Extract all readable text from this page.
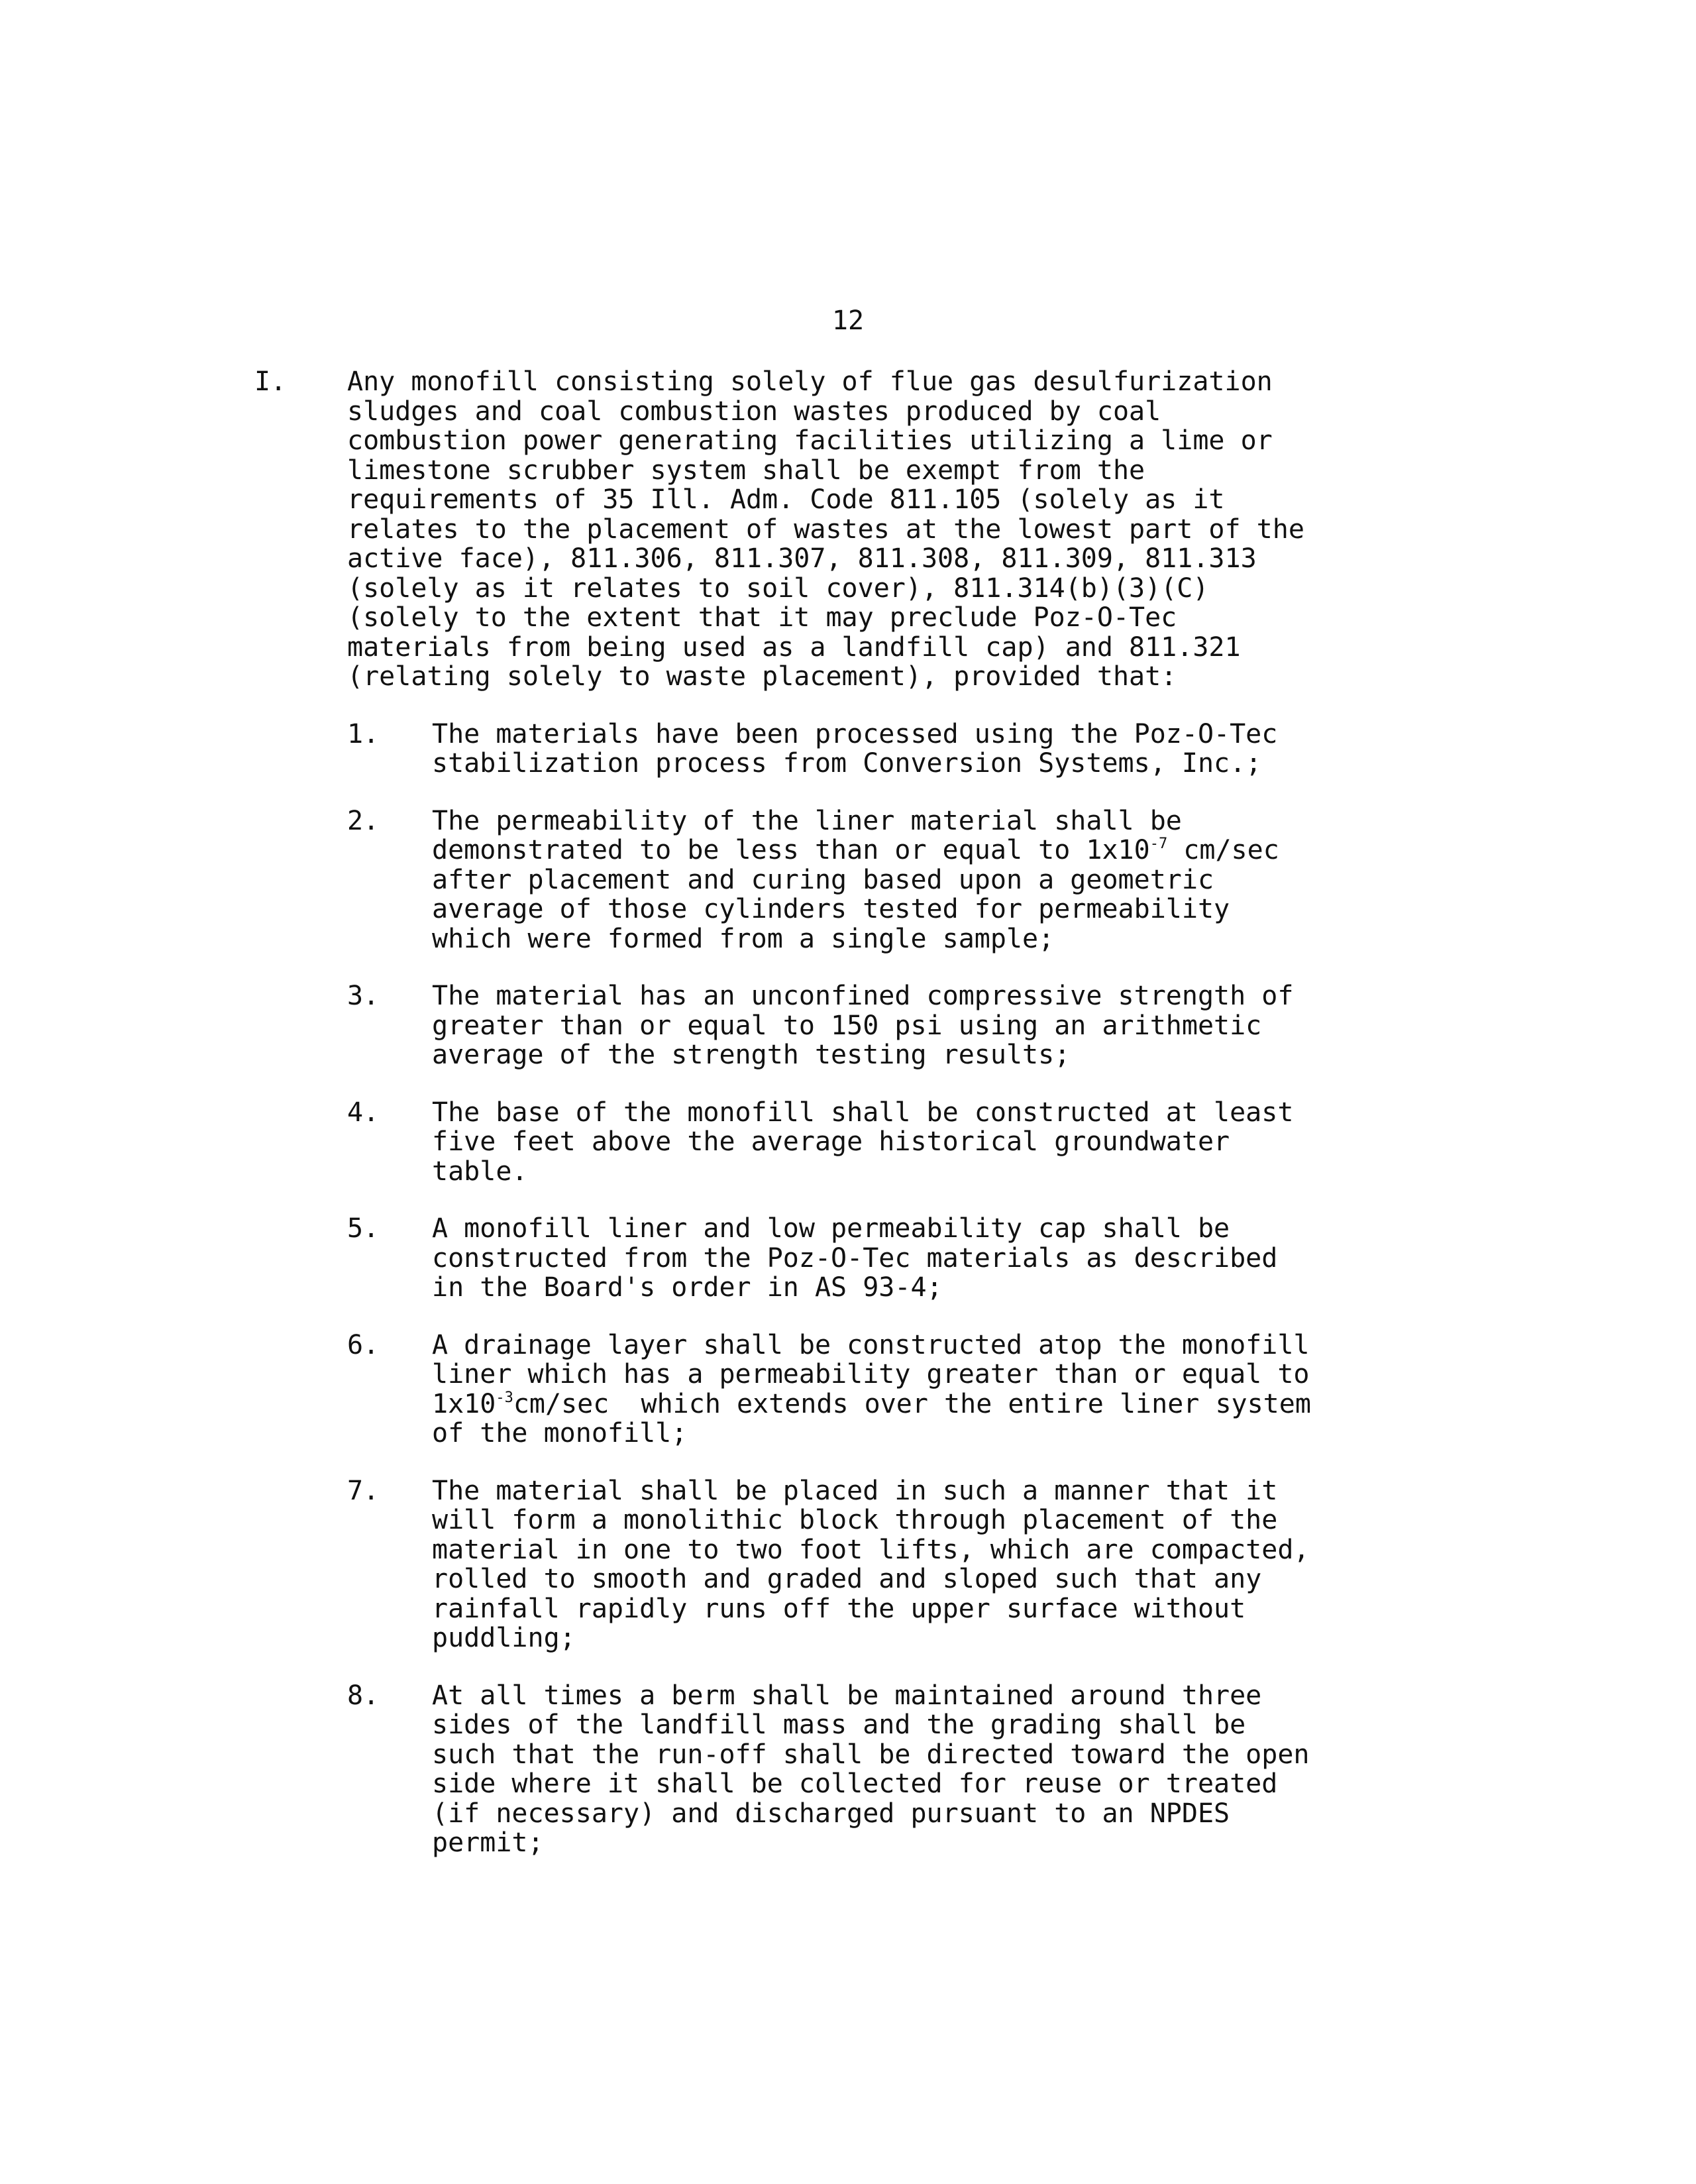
12
I. Any monofill consisting solely of flue gas desulfurization

sludges and coal combustion wastes produced by coal

combustion power generating facilities utilizing a lime or

limestone scrubber system shall be exempt from the

requirements of 35 Ill. Adm. Code 811.105 (solely as it

relates to the placement of wastes at the lowest part of the

active face), 811.306, 811.307, 811.308, 811.309, 811.313

(solely as it relates to soil cover), 811.314(b)(3)(C)

(solely to the extent that it may preclude Poz-O-Tec

materials from being used as a landfill cap) and 811.321

(relating solely to waste placement), provided that:

1. The materials have been processed using the Poz-O-Tec

stabilization process from Conversion Systems, Inc.;

2. The permeability of the liner material shall be

demonstrated to be less than or equal to $1x10^{-7}$ cm/sec

after placement and curing based upon a geometric

average of those cylinders tested for permeability

which were formed from a single sample;

3. The material has an unconfined compressive strength of

greater than or equal to 150 psi using an arithmetic

average of the strength testing results;

4. The base of the monofill shall be constructed at least

five feet above the average historical groundwater

table.

5. A monofill liner and low permeability cap shall be

constructed from the Poz-O-Tec materials as described

in the Board's order in AS 93-4;

6. A drainage layer shall be constructed atop the monofill

liner which has a permeability greater than or equal to

$1x10^{-3}cm/\sec$  which extends over the entire liner system

of the monofill;

7. The material shall be placed in such a manner that it

will form a monolithic block through placement of the

material in one to two foot lifts, which are compacted,

rolled to smooth and graded and sloped such that any

rainfall rapidly runs off the upper surface without

puddling;

8. At all times a berm shall be maintained around three

sides of the landfill mass and the grading shall be

such that the run-off shall be directed toward the open

side where it shall be collected for reuse or treated

(if necessary) and discharged pursuant to an NPDES

permit;
